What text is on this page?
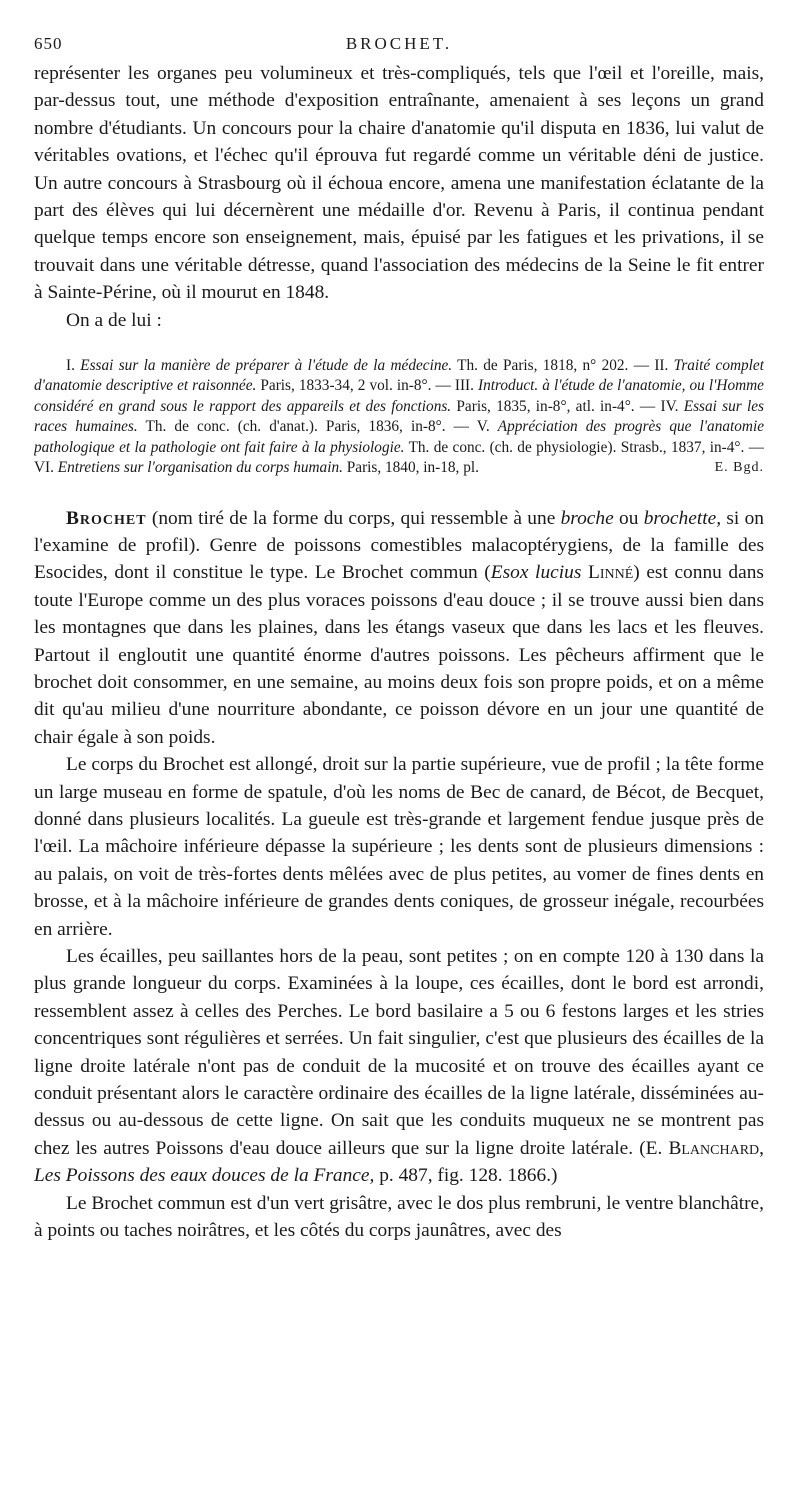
650	BROCHET.

représenter les organes peu volumineux et très-compliqués, tels que l'œil et l'oreille, mais, par-dessus tout, une méthode d'exposition entraînante, amenaient à ses leçons un grand nombre d'étudiants. Un concours pour la chaire d'anatomie qu'il disputa en 1836, lui valut de véritables ovations, et l'échec qu'il éprouva fut regardé comme un véritable déni de justice. Un autre concours à Strasbourg où il échoua encore, amena une manifestation éclatante de la part des élèves qui lui décernèrent une médaille d'or. Revenu à Paris, il continua pendant quelque temps encore son enseignement, mais, épuisé par les fatigues et les privations, il se trouvait dans une véritable détresse, quand l'association des médecins de la Seine le fit entrer à Sainte-Périne, où il mourut en 1848.

On a de lui :

I. Essai sur la manière de préparer à l'étude de la médecine. Th. de Paris, 1818, n° 202. — II. Traité complet d'anatomie descriptive et raisonnée. Paris, 1833-34, 2 vol. in-8°. — III. Introduct. à l'étude de l'anatomie, ou l'Homme considéré en grand sous le rapport des appareils et des fonctions. Paris, 1835, in-8°, atl. in-4°. — IV. Essai sur les races humaines. Th. de conc. (ch. d'anat.). Paris, 1836, in-8°. — V. Appréciation des progrès que l'anatomie pathologique et la pathologie ont fait faire à la physiologie. Th. de conc. (ch. de physiologie). Strasb., 1837, in-4°. — VI. Entretiens sur l'organisation du corps humain. Paris, 1840, in-18, pl.	E. Bgd.

Brochet (nom tiré de la forme du corps, qui ressemble à une broche ou brochette, si on l'examine de profil). Genre de poissons comestibles malacoptérygiens, de la famille des Esocides, dont il constitue le type. Le Brochet commun (Esox lucius Linné) est connu dans toute l'Europe comme un des plus voraces poissons d'eau douce ; il se trouve aussi bien dans les montagnes que dans les plaines, dans les étangs vaseux que dans les lacs et les fleuves. Partout il engloutit une quantité énorme d'autres poissons. Les pêcheurs affirment que le brochet doit consommer, en une semaine, au moins deux fois son propre poids, et on a même dit qu'au milieu d'une nourriture abondante, ce poisson dévore en un jour une quantité de chair égale à son poids.

Le corps du Brochet est allongé, droit sur la partie supérieure, vue de profil ; la tête forme un large museau en forme de spatule, d'où les noms de Bec de canard, de Bécot, de Becquet, donné dans plusieurs localités. La gueule est très-grande et largement fendue jusque près de l'œil. La mâchoire inférieure dépasse la supérieure ; les dents sont de plusieurs dimensions : au palais, on voit de très-fortes dents mêlées avec de plus petites, au vomer de fines dents en brosse, et à la mâchoire inférieure de grandes dents coniques, de grosseur inégale, recourbées en arrière.

Les écailles, peu saillantes hors de la peau, sont petites ; on en compte 120 à 130 dans la plus grande longueur du corps. Examinées à la loupe, ces écailles, dont le bord est arrondi, ressemblent assez à celles des Perches. Le bord basilaire a 5 ou 6 festons larges et les stries concentriques sont régulières et serrées. Un fait singulier, c'est que plusieurs des écailles de la ligne droite latérale n'ont pas de conduit de la mucosité et on trouve des écailles ayant ce conduit présentant alors le caractère ordinaire des écailles de la ligne latérale, disséminées au-dessus ou au-dessous de cette ligne. On sait que les conduits muqueux ne se montrent pas chez les autres Poissons d'eau douce ailleurs que sur la ligne droite latérale. (E. Blanchard, Les Poissons des eaux douces de la France, p. 487, fig. 128. 1866.)

Le Brochet commun est d'un vert grisâtre, avec le dos plus rembruni, le ventre blanchâtre, à points ou taches noirâtres, et les côtés du corps jaunâtres, avec des
